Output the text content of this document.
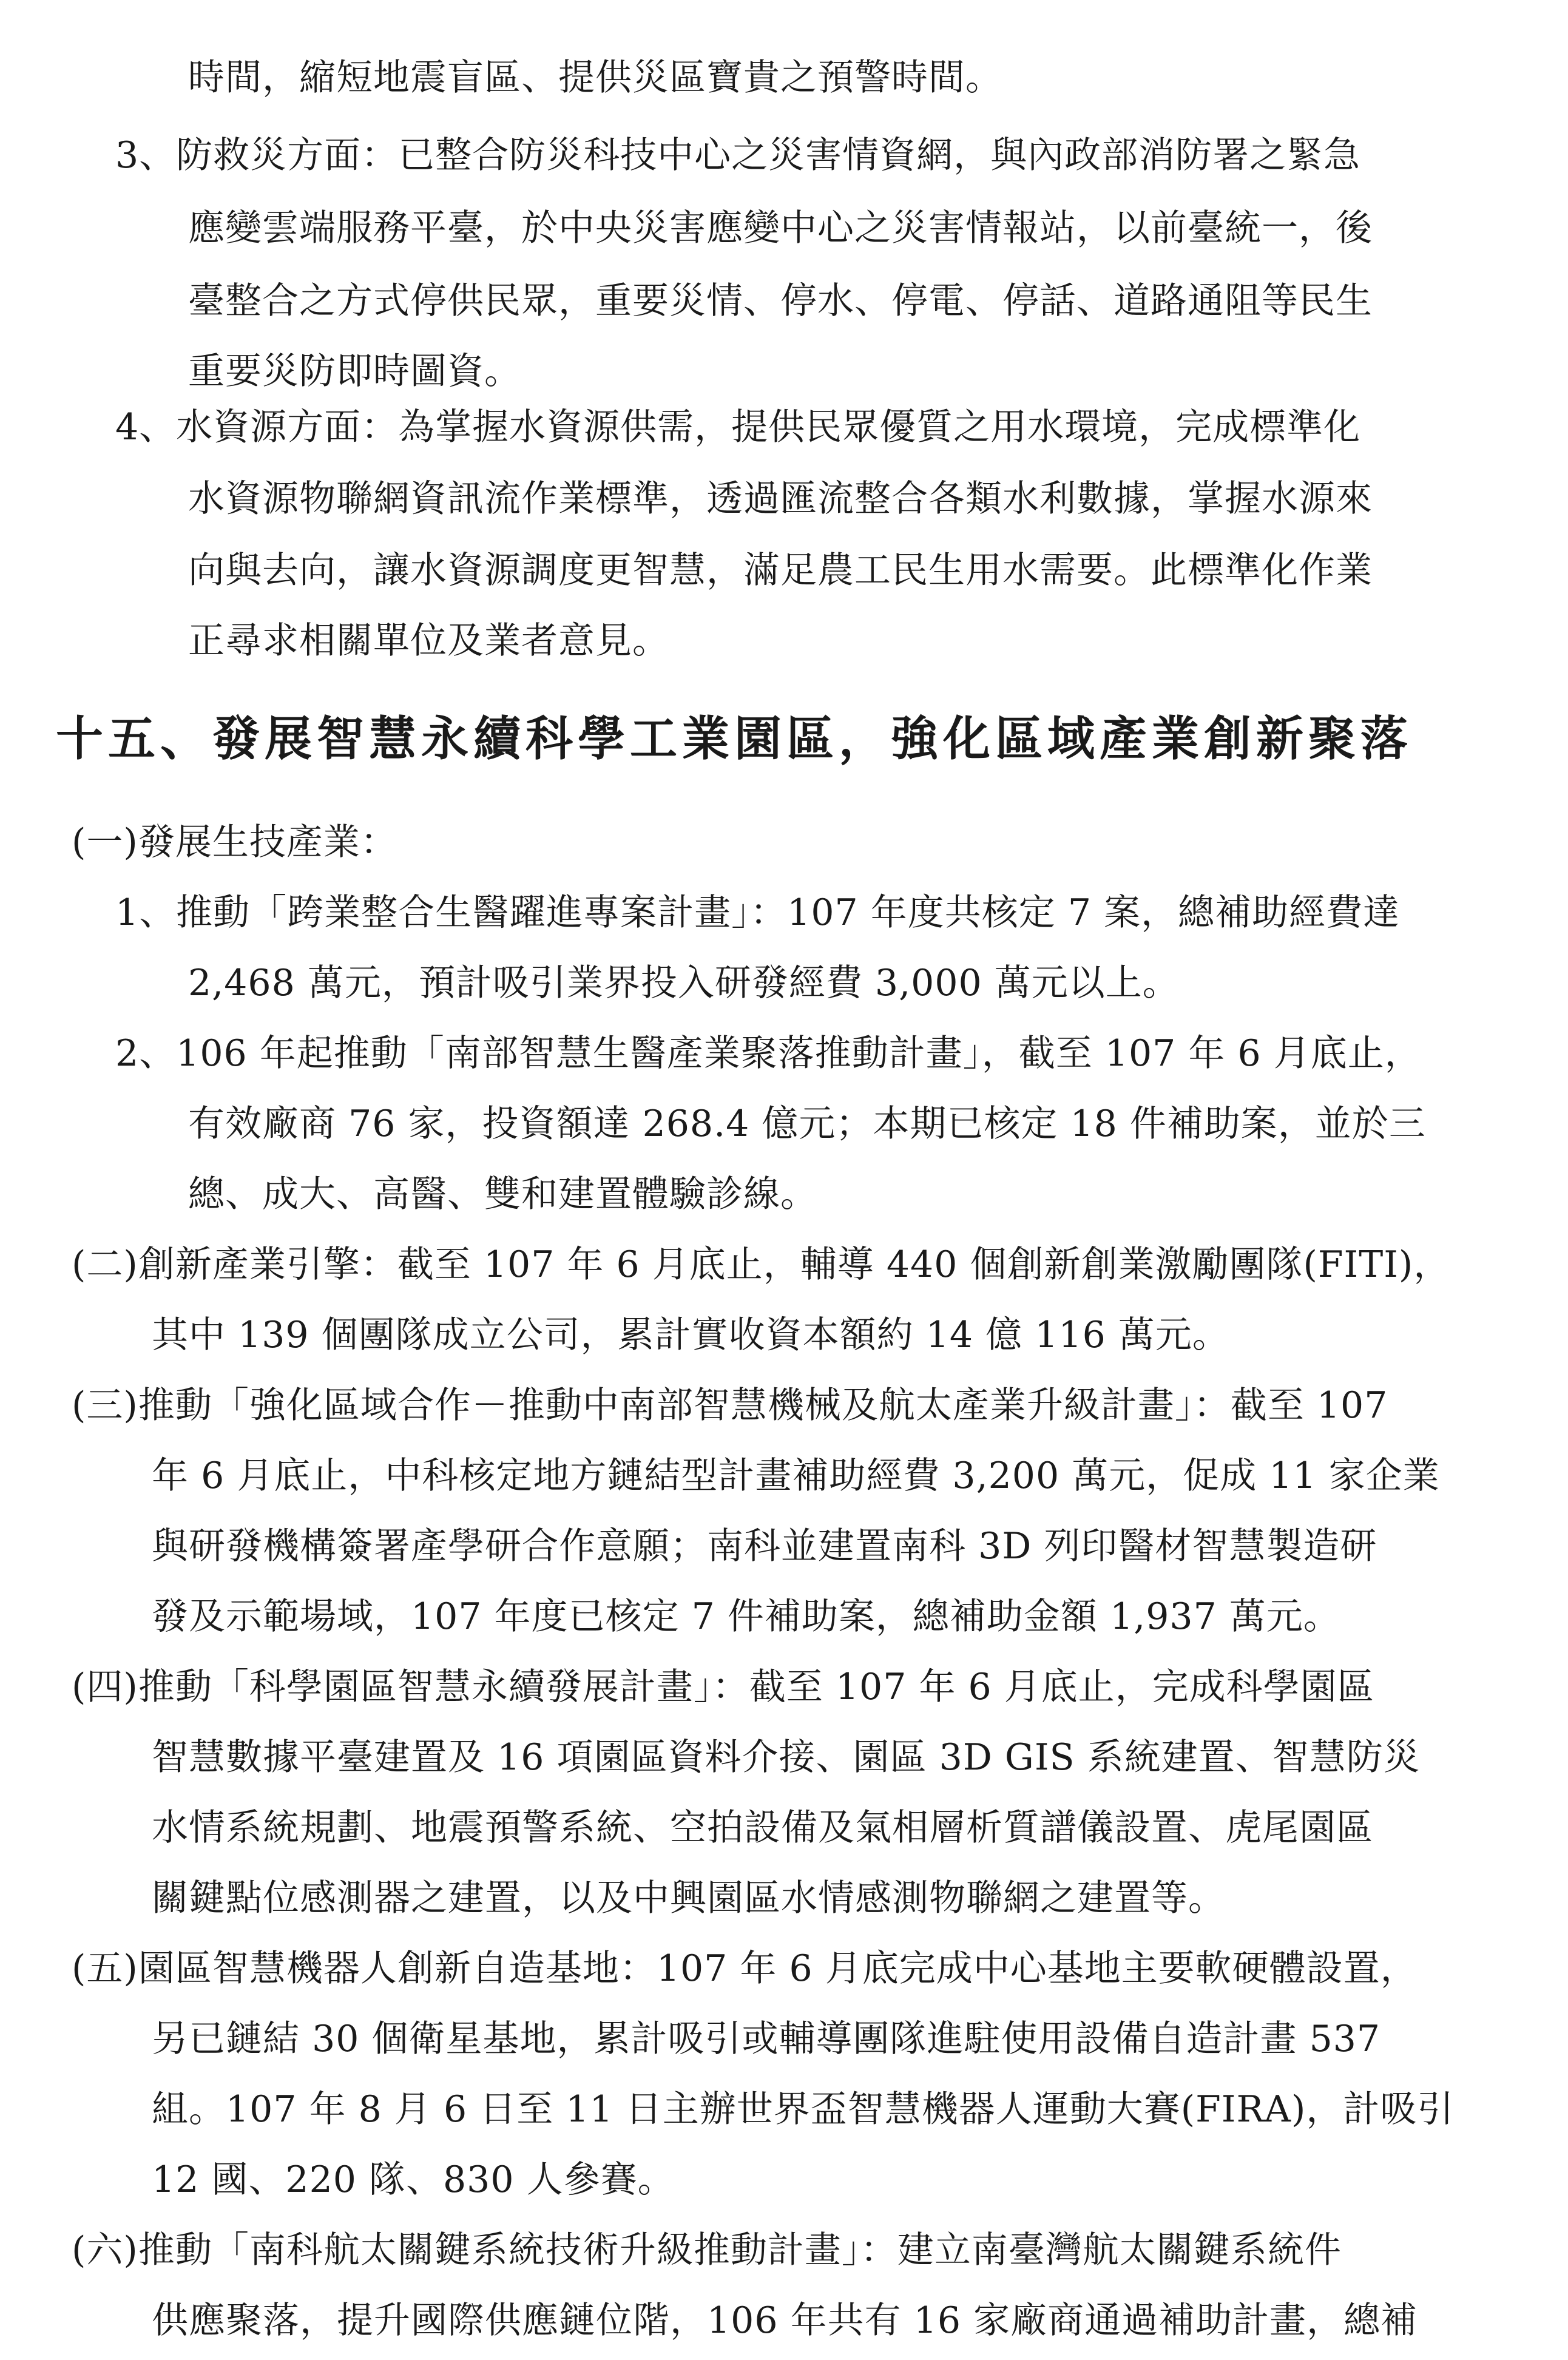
時間，縮短地震盲區、提供災區寶貴之預警時間。
3、防救災方面：已整合防災科技中心之災害情資網，與內政部消防署之緊急
應變雲端服務平臺，於中央災害應變中心之災害情報站，以前臺統一，後
臺整合之方式停供民眾，重要災情、停水、停電、停話、道路通阻等民生
重要災防即時圖資。
4、水資源方面：為掌握水資源供需，提供民眾優質之用水環境，完成標準化
水資源物聯網資訊流作業標準，透過匯流整合各類水利數據，掌握水源來
向與去向，讓水資源調度更智慧，滿足農工民生用水需要。此標準化作業
正尋求相關單位及業者意見。
十五、發展智慧永續科學工業園區，強化區域產業創新聚落
(一)發展生技產業：
1、推動「跨業整合生醫躍進專案計畫」：107 年度共核定 7 案，總補助經費達
2,468 萬元，預計吸引業界投入研發經費 3,000 萬元以上。
2、106 年起推動「南部智慧生醫產業聚落推動計畫」，截至 107 年 6 月底止，
有效廠商 76 家，投資額達 268.4 億元；本期已核定 18 件補助案，並於三
總、成大、高醫、雙和建置體驗診線。
(二)創新產業引擎：截至 107 年 6 月底止，輔導 440 個創新創業激勵團隊(FITI)，
其中 139 個團隊成立公司，累計實收資本額約 14 億 116 萬元。
(三)推動「強化區域合作－推動中南部智慧機械及航太產業升級計畫」：截至 107
年 6 月底止，中科核定地方鏈結型計畫補助經費 3,200 萬元，促成 11 家企業
與研發機構簽署產學研合作意願；南科並建置南科 3D 列印醫材智慧製造研
發及示範場域，107 年度已核定 7 件補助案，總補助金額 1,937 萬元。
(四)推動「科學園區智慧永續發展計畫」：截至 107 年 6 月底止，完成科學園區
智慧數據平臺建置及 16 項園區資料介接、園區 3D GIS 系統建置、智慧防災
水情系統規劃、地震預警系統、空拍設備及氣相層析質譜儀設置、虎尾園區
關鍵點位感測器之建置，以及中興園區水情感測物聯網之建置等。
(五)園區智慧機器人創新自造基地：107 年 6 月底完成中心基地主要軟硬體設置，
另已鏈結 30 個衛星基地，累計吸引或輔導團隊進駐使用設備自造計畫 537
組。107 年 8 月 6 日至 11 日主辦世界盃智慧機器人運動大賽(FIRA)，計吸引
12 國、220 隊、830 人參賽。
(六)推動「南科航太關鍵系統技術升級推動計畫」：建立南臺灣航太關鍵系統件
供應聚落，提升國際供應鏈位階，106 年共有 16 家廠商通過補助計畫，總補
